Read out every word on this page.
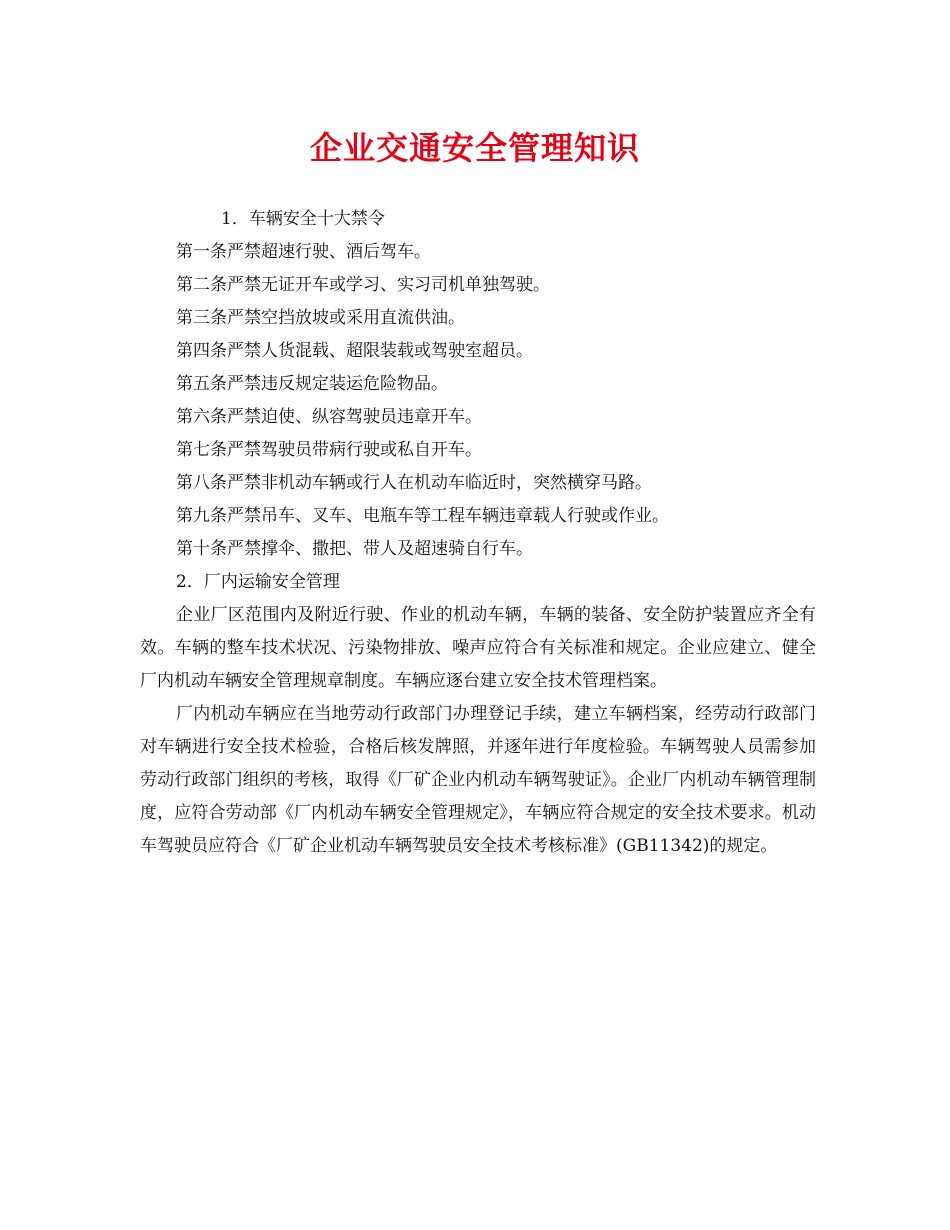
企业交通安全管理知识

1．车辆安全十大禁令

第一条严禁超速行驶、酒后驾车。

第二条严禁无证开车或学习、实习司机单独驾驶。

第三条严禁空挡放坡或采用直流供油。

第四条严禁人货混载、超限装载或驾驶室超员。

第五条严禁违反规定装运危险物品。

第六条严禁迫使、纵容驾驶员违章开车。

第七条严禁驾驶员带病行驶或私自开车。

第八条严禁非机动车辆或行人在机动车临近时，突然横穿马路。

第九条严禁吊车、叉车、电瓶车等工程车辆违章载人行驶或作业。

第十条严禁撑伞、撒把、带人及超速骑自行车。

2．厂内运输安全管理

企业厂区范围内及附近行驶、作业的机动车辆，车辆的装备、安全防护装置应齐全有效。车辆的整车技术状况、污染物排放、噪声应符合有关标准和规定。企业应建立、健全厂内机动车辆安全管理规章制度。车辆应逐台建立安全技术管理档案。

厂内机动车辆应在当地劳动行政部门办理登记手续，建立车辆档案，经劳动行政部门对车辆进行安全技术检验，合格后核发牌照，并逐年进行年度检验。车辆驾驶人员需参加劳动行政部门组织的考核，取得《厂矿企业内机动车辆驾驶证》。企业厂内机动车辆管理制度，应符合劳动部《厂内机动车辆安全管理规定》，车辆应符合规定的安全技术要求。机动车驾驶员应符合《厂矿企业机动车辆驾驶员安全技术考核标准》(GB11342)的规定。
